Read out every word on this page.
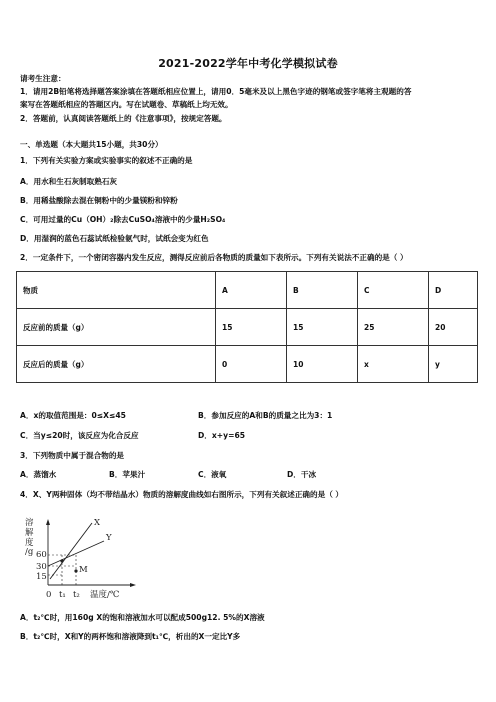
2021-2022学年中考化学模拟试卷
请考生注意：
1．请用2B铅笔将选择题答案涂填在答题纸相应位置上，请用0．5毫米及以上黑色字迹的钢笔或签字笔将主观题的答
案写在答题纸相应的答题区内。写在试题卷、草稿纸上均无效。
2．答题前，认真阅读答题纸上的《注意事项》，按规定答题。
一、单选题（本大题共15小题，共30分）
1．下列有关实验方案或实验事实的叙述不正确的是
A．用水和生石灰制取熟石灰
B．用稀盐酸除去混在铜粉中的少量镁粉和锌粉
C．可用过量的Cu（OH）₂除去CuSO₄溶液中的少量H₂SO₄
D．用湿润的蓝色石蕊试纸检验氨气时，试纸会变为红色
2．一定条件下，一个密闭容器内发生反应，测得反应前后各物质的质量如下表所示。下列有关说法不正确的是（ ）
物质	A	B	C	D
反应前的质量（g）	15	15	25	20
反应后的质量（g）	0	10	x	y
A．x的取值范围是：0≤X≤45	B．参加反应的A和B的质量之比为3：1
C．当y≤20时，该反应为化合反应	D．x+y=65
3．下列物质中属于混合物的是
A．蒸馏水	B．苹果汁	C．液氧	D．干冰
4．X、Y两种固体（均不带结晶水）物质的溶解度曲线如右图所示，下列有关叙述正确的是（ ）
溶
解
度
/g 60
30
15
X
Y
M
0 t₁ t₂ 温度/℃
A．t₂℃时，用160g X的饱和溶液加水可以配成500g12. 5%的X溶液
B．t₂℃时，X和Y的两杯饱和溶液降到t₁℃，析出的X一定比Y多
